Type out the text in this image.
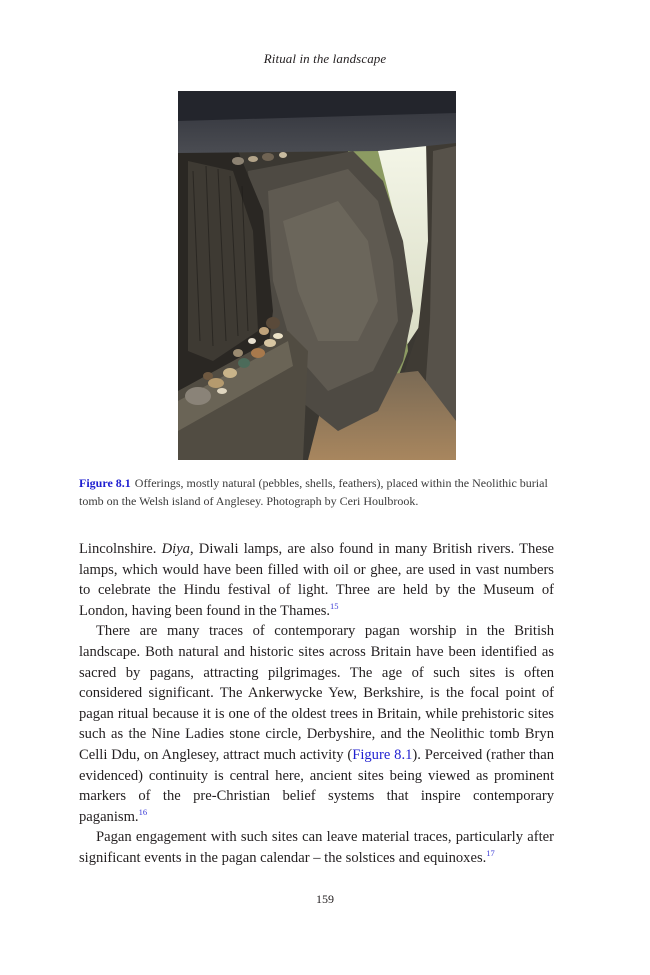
Ritual in the landscape
Figure 8.1 Offerings, mostly natural (pebbles, shells, feathers), placed within the Neolithic burial tomb on the Welsh island of Anglesey. Photograph by Ceri Houlbrook.

Lincolnshire. Diya, Diwali lamps, are also found in many British rivers. These lamps, which would have been filled with oil or ghee, are used in vast numbers to celebrate the Hindu festival of light. Three are held by the Museum of London, having been found in the Thames.$^{15}$

There are many traces of contemporary pagan worship in the British landscape. Both natural and historic sites across Britain have been identified as sacred by pagans, attracting pilgrimages. The age of such sites is often considered significant. The Ankerwycke Yew, Berkshire, is the focal point of pagan ritual because it is one of the oldest trees in Britain, while prehistoric sites such as the Nine Ladies stone circle, Derbyshire, and the Neolithic tomb Bryn Celli Ddu, on Anglesey, attract much activity (Figure 8.1). Perceived (rather than evidenced) continuity is central here, ancient sites being viewed as prominent markers of the pre-Christian belief systems that inspire contemporary paganism.$^{16}$

Pagan engagement with such sites can leave material traces, particularly after significant events in the pagan calendar – the solstices and equinoxes.$^{17}$

159
